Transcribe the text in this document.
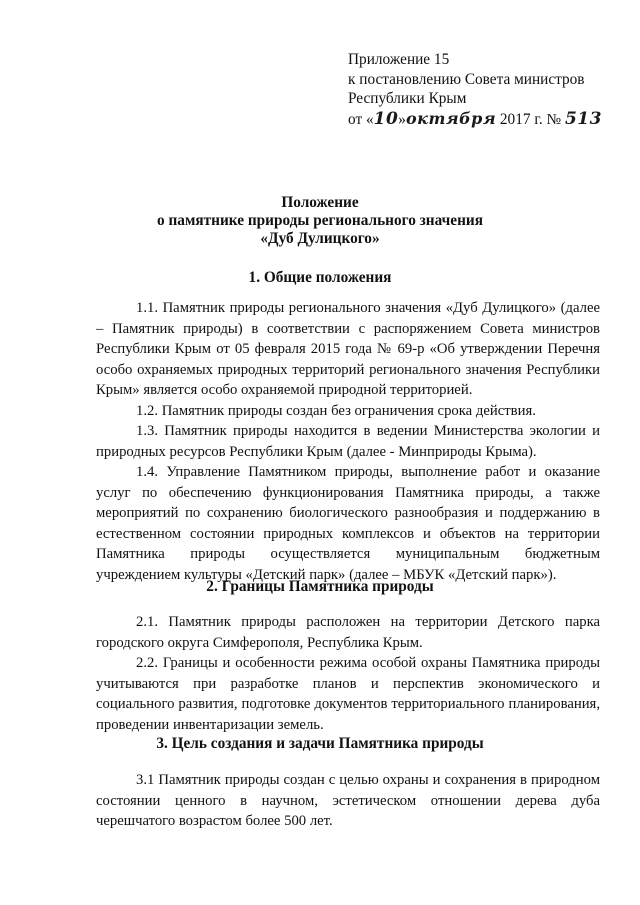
Приложение 15
к постановлению Совета министров
Республики Крым
от «10»октября 2017 г. № 513
Положение
о памятнике природы регионального значения
«Дуб Дулицкого»
1. Общие положения

1.1. Памятник природы регионального значения «Дуб Дулицкого» (далее – Памятник природы) в соответствии с распоряжением Совета министров Республики Крым от 05 февраля 2015 года № 69-р «Об утверждении Перечня особо охраняемых природных территорий регионального значения Республики Крым» является особо охраняемой природной территорией.

1.2. Памятник природы создан без ограничения срока действия.

1.3. Памятник природы находится в ведении Министерства экологии и природных ресурсов Республики Крым (далее - Минприроды Крыма).

1.4. Управление Памятником природы, выполнение работ и оказание услуг по обеспечению функционирования Памятника природы, а также мероприятий по сохранению биологического разнообразия и поддержанию в естественном состоянии природных комплексов и объектов на территории Памятника природы осуществляется муниципальным бюджетным учреждением культуры «Детский парк» (далее – МБУК «Детский парк»).

2. Границы Памятника природы

2.1. Памятник природы расположен на территории Детского парка городского округа Симферополя, Республика Крым.

2.2. Границы и особенности режима особой охраны Памятника природы учитываются при разработке планов и перспектив экономического и социального развития, подготовке документов территориального планирования, проведении инвентаризации земель.

3. Цель создания и задачи Памятника природы

3.1 Памятник природы создан с целью охраны и сохранения в природном состоянии ценного в научном, эстетическом отношении дерева дуба черешчатого возрастом более 500 лет.
